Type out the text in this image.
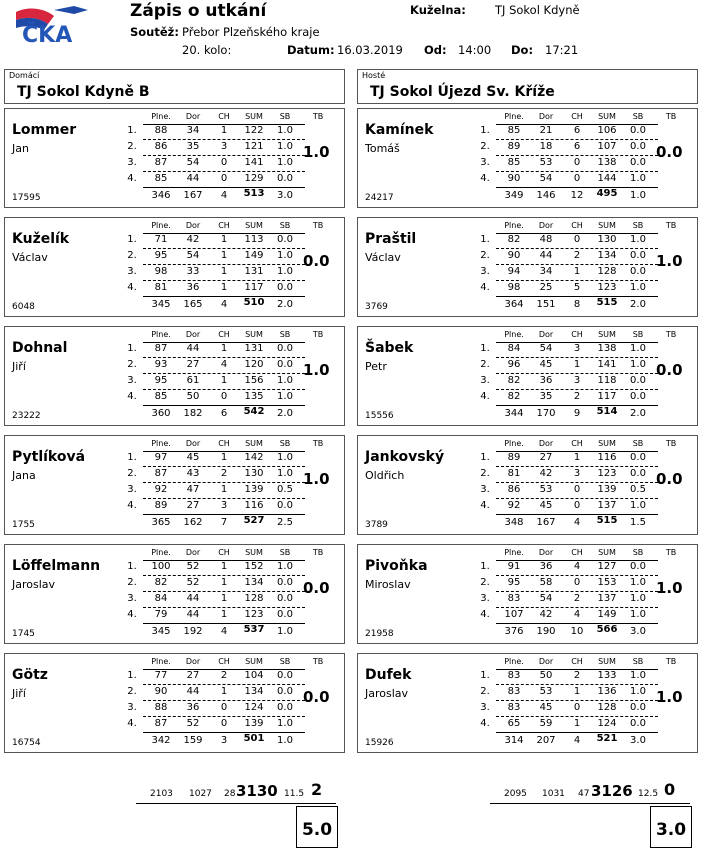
ČKA
Zápis o utkání
Soutěž: Přebor Plzeňského kraje
20. kolo:	Datum: 16.03.2019 Od: 14:00 Do: 17:21
Kuželna:	TJ Sokol Kdyně
Domácí
TJ Sokol Kdyně B
Hosté
TJ Sokol Újezd Sv. Kříže
Lommer
Jan
17595
1.0
Plne.	Dor	CH	SUM	SB	TB
1.	88	34	1	122	1.0
2.	86	35	3	121	1.0
3.	87	54	0	141	1.0
4.	85	44	0	129	0.0
346	167	4	513	3.0
Kuželík
Václav
6048
0.0
Plne.	Dor	CH	SUM	SB	TB
1.	71	42	1	113	0.0
2.	95	54	1	149	1.0
3.	98	33	1	131	1.0
4.	81	36	1	117	0.0
345	165	4	510	2.0
Dohnal
Jiří
23222
1.0
Plne.	Dor	CH	SUM	SB	TB
1.	87	44	1	131	0.0
2.	93	27	4	120	0.0
3.	95	61	1	156	1.0
4.	85	50	0	135	1.0
360	182	6	542	2.0
Pytlíková
Jana
1755
1.0
Plne.	Dor	CH	SUM	SB	TB
1.	97	45	1	142	1.0
2.	87	43	2	130	1.0
3.	92	47	1	139	0.5
4.	89	27	3	116	0.0
365	162	7	527	2.5
Löffelmann
Jaroslav
1745
0.0
Plne.	Dor	CH	SUM	SB	TB
1.	100	52	1	152	1.0
2.	82	52	1	134	0.0
3.	84	44	1	128	0.0
4.	79	44	1	123	0.0
345	192	4	537	1.0
Götz
Jiří
16754
0.0
Plne.	Dor	CH	SUM	SB	TB
1.	77	27	2	104	0.0
2.	90	44	1	134	0.0
3.	88	36	0	124	0.0
4.	87	52	0	139	1.0
342	159	3	501	1.0
Kamínek
Tomáš
24217
0.0
Plne.	Dor	CH	SUM	SB	TB
1.	85	21	6	106	0.0
2.	89	18	6	107	0.0
3.	85	53	0	138	0.0
4.	90	54	0	144	1.0
349	146	12	495	1.0
Praštil
Václav
3769
1.0
Plne.	Dor	CH	SUM	SB	TB
1.	82	48	0	130	1.0
2.	90	44	2	134	0.0
3.	94	34	1	128	0.0
4.	98	25	5	123	1.0
364	151	8	515	2.0
Šabek
Petr
15556
0.0
Plne.	Dor	CH	SUM	SB	TB
1.	84	54	3	138	1.0
2.	96	45	1	141	1.0
3.	82	36	3	118	0.0
4.	82	35	2	117	0.0
344	170	9	514	2.0
Jankovský
Oldřich
3789
0.0
Plne.	Dor	CH	SUM	SB	TB
1.	89	27	1	116	0.0
2.	81	42	3	123	0.0
3.	86	53	0	139	0.5
4.	92	45	0	137	1.0
348	167	4	515	1.5
Pivoňka
Miroslav
21958
1.0
Plne.	Dor	CH	SUM	SB	TB
1.	91	36	4	127	0.0
2.	95	58	0	153	1.0
3.	83	54	2	137	1.0
4.	107	42	4	149	1.0
376	190	10	566	3.0
Dufek
Jaroslav
15926
1.0
Plne.	Dor	CH	SUM	SB	TB
1.	83	50	2	133	1.0
2.	83	53	1	136	1.0
3.	83	45	0	128	0.0
4.	65	59	1	124	0.0
314	207	4	521	3.0
2103 1027 28 3130 11.5 2
5.0
2095 1031 47 3126 12.5 0
3.0
